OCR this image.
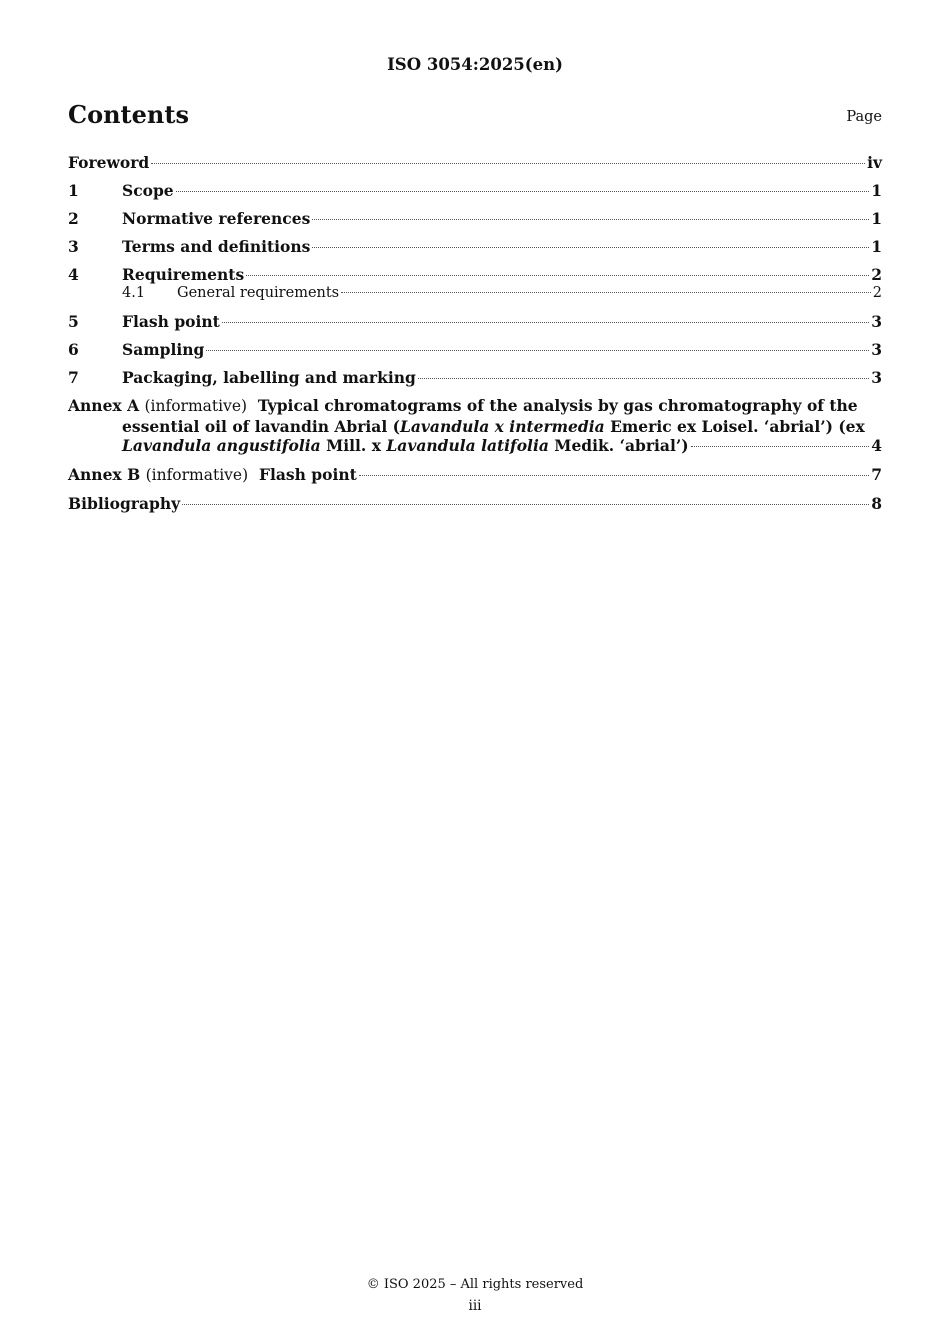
ISO 3054:2025(en)
Contents	Page
Foreword	iv
1	Scope	1
2	Normative references	1
3	Terms and definitions	1
4	Requirements	2
4.1	General requirements	2
5	Flash point	3
6	Sampling	3
7	Packaging, labelling and marking	3
Annex A (informative) Typical chromatograms of the analysis by gas chromatography of the
essential oil of lavandin Abrial (Lavandula x intermedia Emeric ex Loisel. ‘abrial’) (ex
Lavandula angustifolia Mill. x Lavandula latifolia Medik. ‘abrial’)	4
Annex B (informative) Flash point	7
Bibliography	8
© ISO 2025 – All rights reserved
iii
